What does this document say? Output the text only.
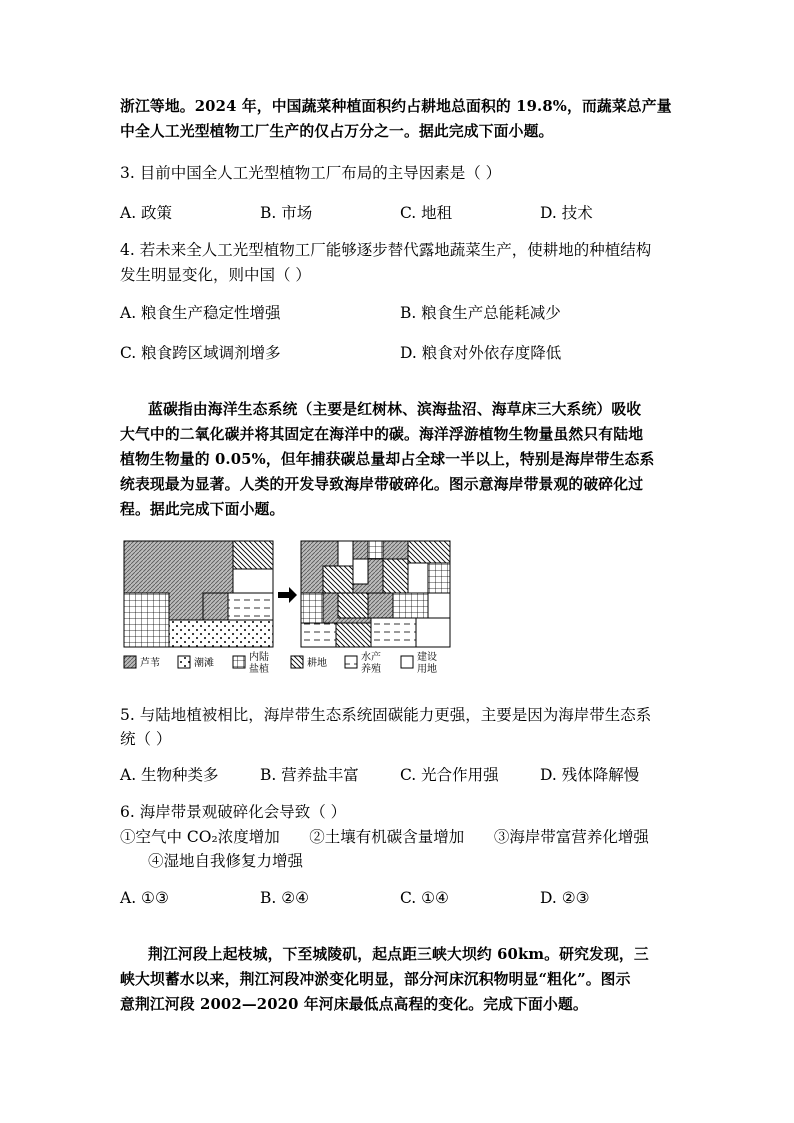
浙江等地。2024 年，中国蔬菜种植面积约占耕地总面积的 19.8%，而蔬菜总产量
中全人工光型植物工厂生产的仅占万分之一。据此完成下面小题。
3. 目前中国全人工光型植物工厂布局的主导因素是（ ）
A. 政策	B. 市场	C. 地租	D. 技术
4. 若未来全人工光型植物工厂能够逐步替代露地蔬菜生产，使耕地的种植结构
发生明显变化，则中国（ ）
A. 粮食生产稳定性增强	B. 粮食生产总能耗减少
C. 粮食跨区域调剂增多	D. 粮食对外依存度降低
蓝碳指由海洋生态系统（主要是红树林、滨海盐沼、海草床三大系统）吸收
大气中的二氧化碳并将其固定在海洋中的碳。海洋浮游植物生物量虽然只有陆地
植物生物量的 0.05%，但年捕获碳总量却占全球一半以上，特别是海岸带生态系
统表现最为显著。人类的开发导致海岸带破碎化。图示意海岸带景观的破碎化过
程。据此完成下面小题。
芦苇	潮滩
内陆
盐植
耕地
水产
养殖
建设
用地
5. 与陆地植被相比，海岸带生态系统固碳能力更强，主要是因为海岸带生态系
统（ ）
A. 生物种类多	B. 营养盐丰富	C. 光合作用强	D. 残体降解慢
6. 海岸带景观破碎化会导致（ ）
①空气中 CO₂浓度增加      ②土壤有机碳含量增加      ③海岸带富营养化增强
④湿地自我修复力增强
A. ①③	B. ②④	C. ①④	D. ②③
荆江河段上起枝城，下至城陵矶，起点距三峡大坝约 60km。研究发现，三
峡大坝蓄水以来，荆江河段冲淤变化明显，部分河床沉积物明显“粗化”。图示
意荆江河段 2002—2020 年河床最低点高程的变化。完成下面小题。
